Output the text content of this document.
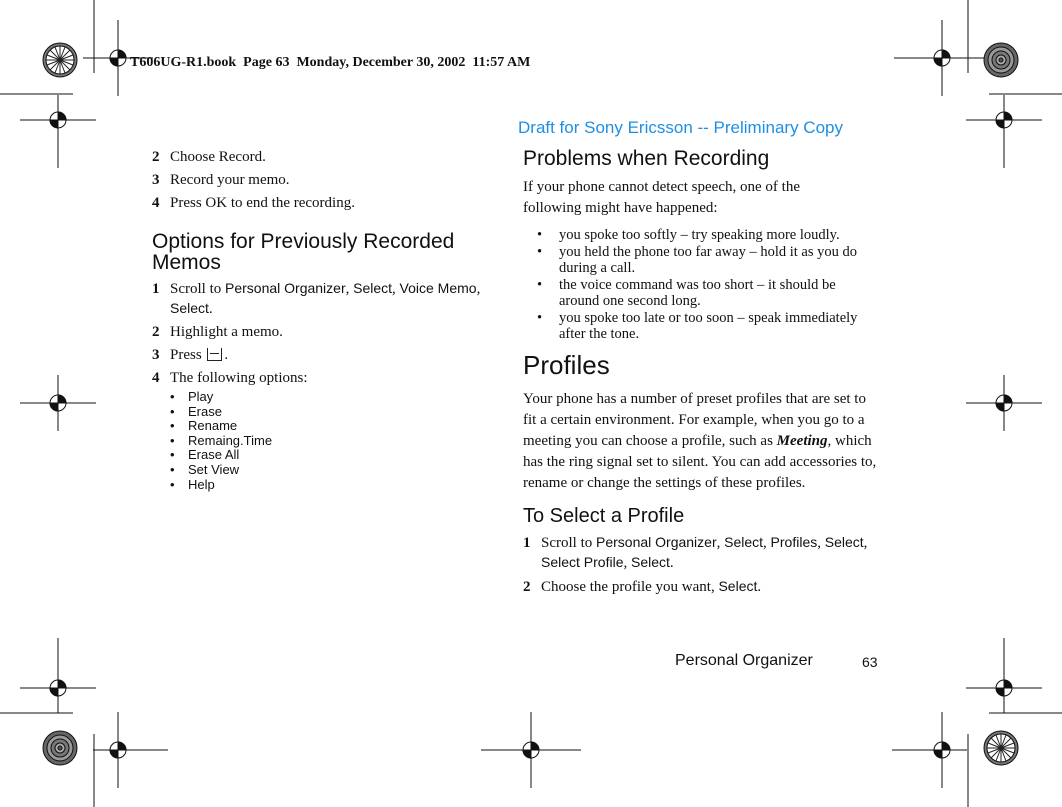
T606UG-R1.book  Page 63  Monday, December 30, 2002  11:57 AM
Draft for Sony Ericsson -- Preliminary Copy
2 Choose Record.
3 Record your memo.
4 Press OK to end the recording.
Options for Previously Recorded Memos
1 Scroll to Personal Organizer, Select, Voice Memo, Select.
2 Highlight a memo.
3 Press .
4 The following options:
• Play
• Erase
• Rename
• Remaing.Time
• Erase All
• Set View
• Help
Problems when Recording

If your phone cannot detect speech, one of the following might have happened:

• you spoke too softly – try speaking more loudly.
• you held the phone too far away – hold it as you do during a call.
• the voice command was too short – it should be around one second long.
• you spoke too late or too soon – speak immediately after the tone.
Profiles

Your phone has a number of preset profiles that are set to fit a certain environment. For example, when you go to a meeting you can choose a profile, such as Meeting, which has the ring signal set to silent. You can add accessories to, rename or change the settings of these profiles.

To Select a Profile
1 Scroll to Personal Organizer, Select, Profiles, Select, Select Profile, Select.
2 Choose the profile you want, Select.
Personal Organizer	63
